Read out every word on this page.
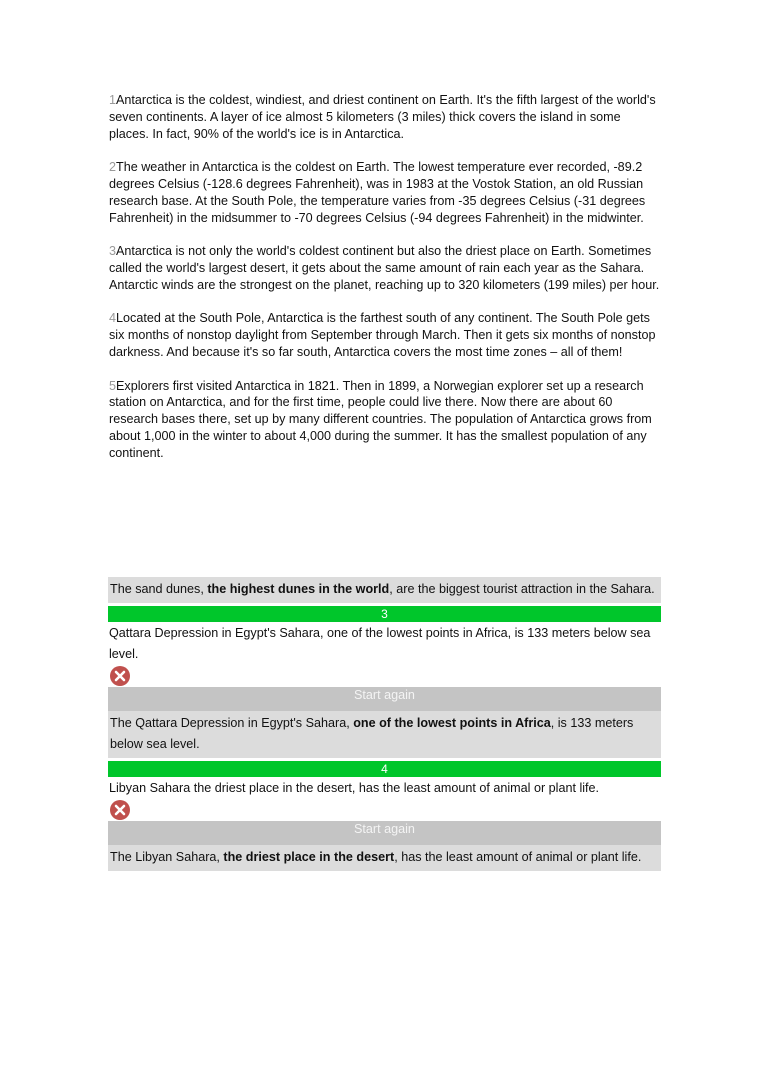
1Antarctica is the coldest, windiest, and driest continent on Earth. It's the fifth largest of the world's seven continents. A layer of ice almost 5 kilometers (3 miles) thick covers the island in some places. In fact, 90% of the world's ice is in Antarctica.

2The weather in Antarctica is the coldest on Earth. The lowest temperature ever recorded, -89.2 degrees Celsius (-128.6 degrees Fahrenheit), was in 1983 at the Vostok Station, an old Russian research base. At the South Pole, the temperature varies from -35 degrees Celsius (-31 degrees Fahrenheit) in the midsummer to -70 degrees Celsius (-94 degrees Fahrenheit) in the midwinter.

3Antarctica is not only the world's coldest continent but also the driest place on Earth. Sometimes called the world's largest desert, it gets about the same amount of rain each year as the Sahara. Antarctic winds are the strongest on the planet, reaching up to 320 kilometers (199 miles) per hour.

4Located at the South Pole, Antarctica is the farthest south of any continent. The South Pole gets six months of nonstop daylight from September through March. Then it gets six months of nonstop darkness. And because it's so far south, Antarctica covers the most time zones – all of them!

5Explorers first visited Antarctica in 1821. Then in 1899, a Norwegian explorer set up a research station on Antarctica, and for the first time, people could live there. Now there are about 60 research bases there, set up by many different countries. The population of Antarctica grows from about 1,000 in the winter to about 4,000 during the summer. It has the smallest population of any continent.

The sand dunes, the highest dunes in the world, are the biggest tourist attraction in the Sahara.
3
Qattara Depression in Egypt's Sahara, one of the lowest points in Africa, is 133 meters below sea level.
Start again
The Qattara Depression in Egypt's Sahara, one of the lowest points in Africa, is 133 meters below sea level.
4
Libyan Sahara the driest place in the desert, has the least amount of animal or plant life.
Start again
The Libyan Sahara, the driest place in the desert, has the least amount of animal or plant life.
